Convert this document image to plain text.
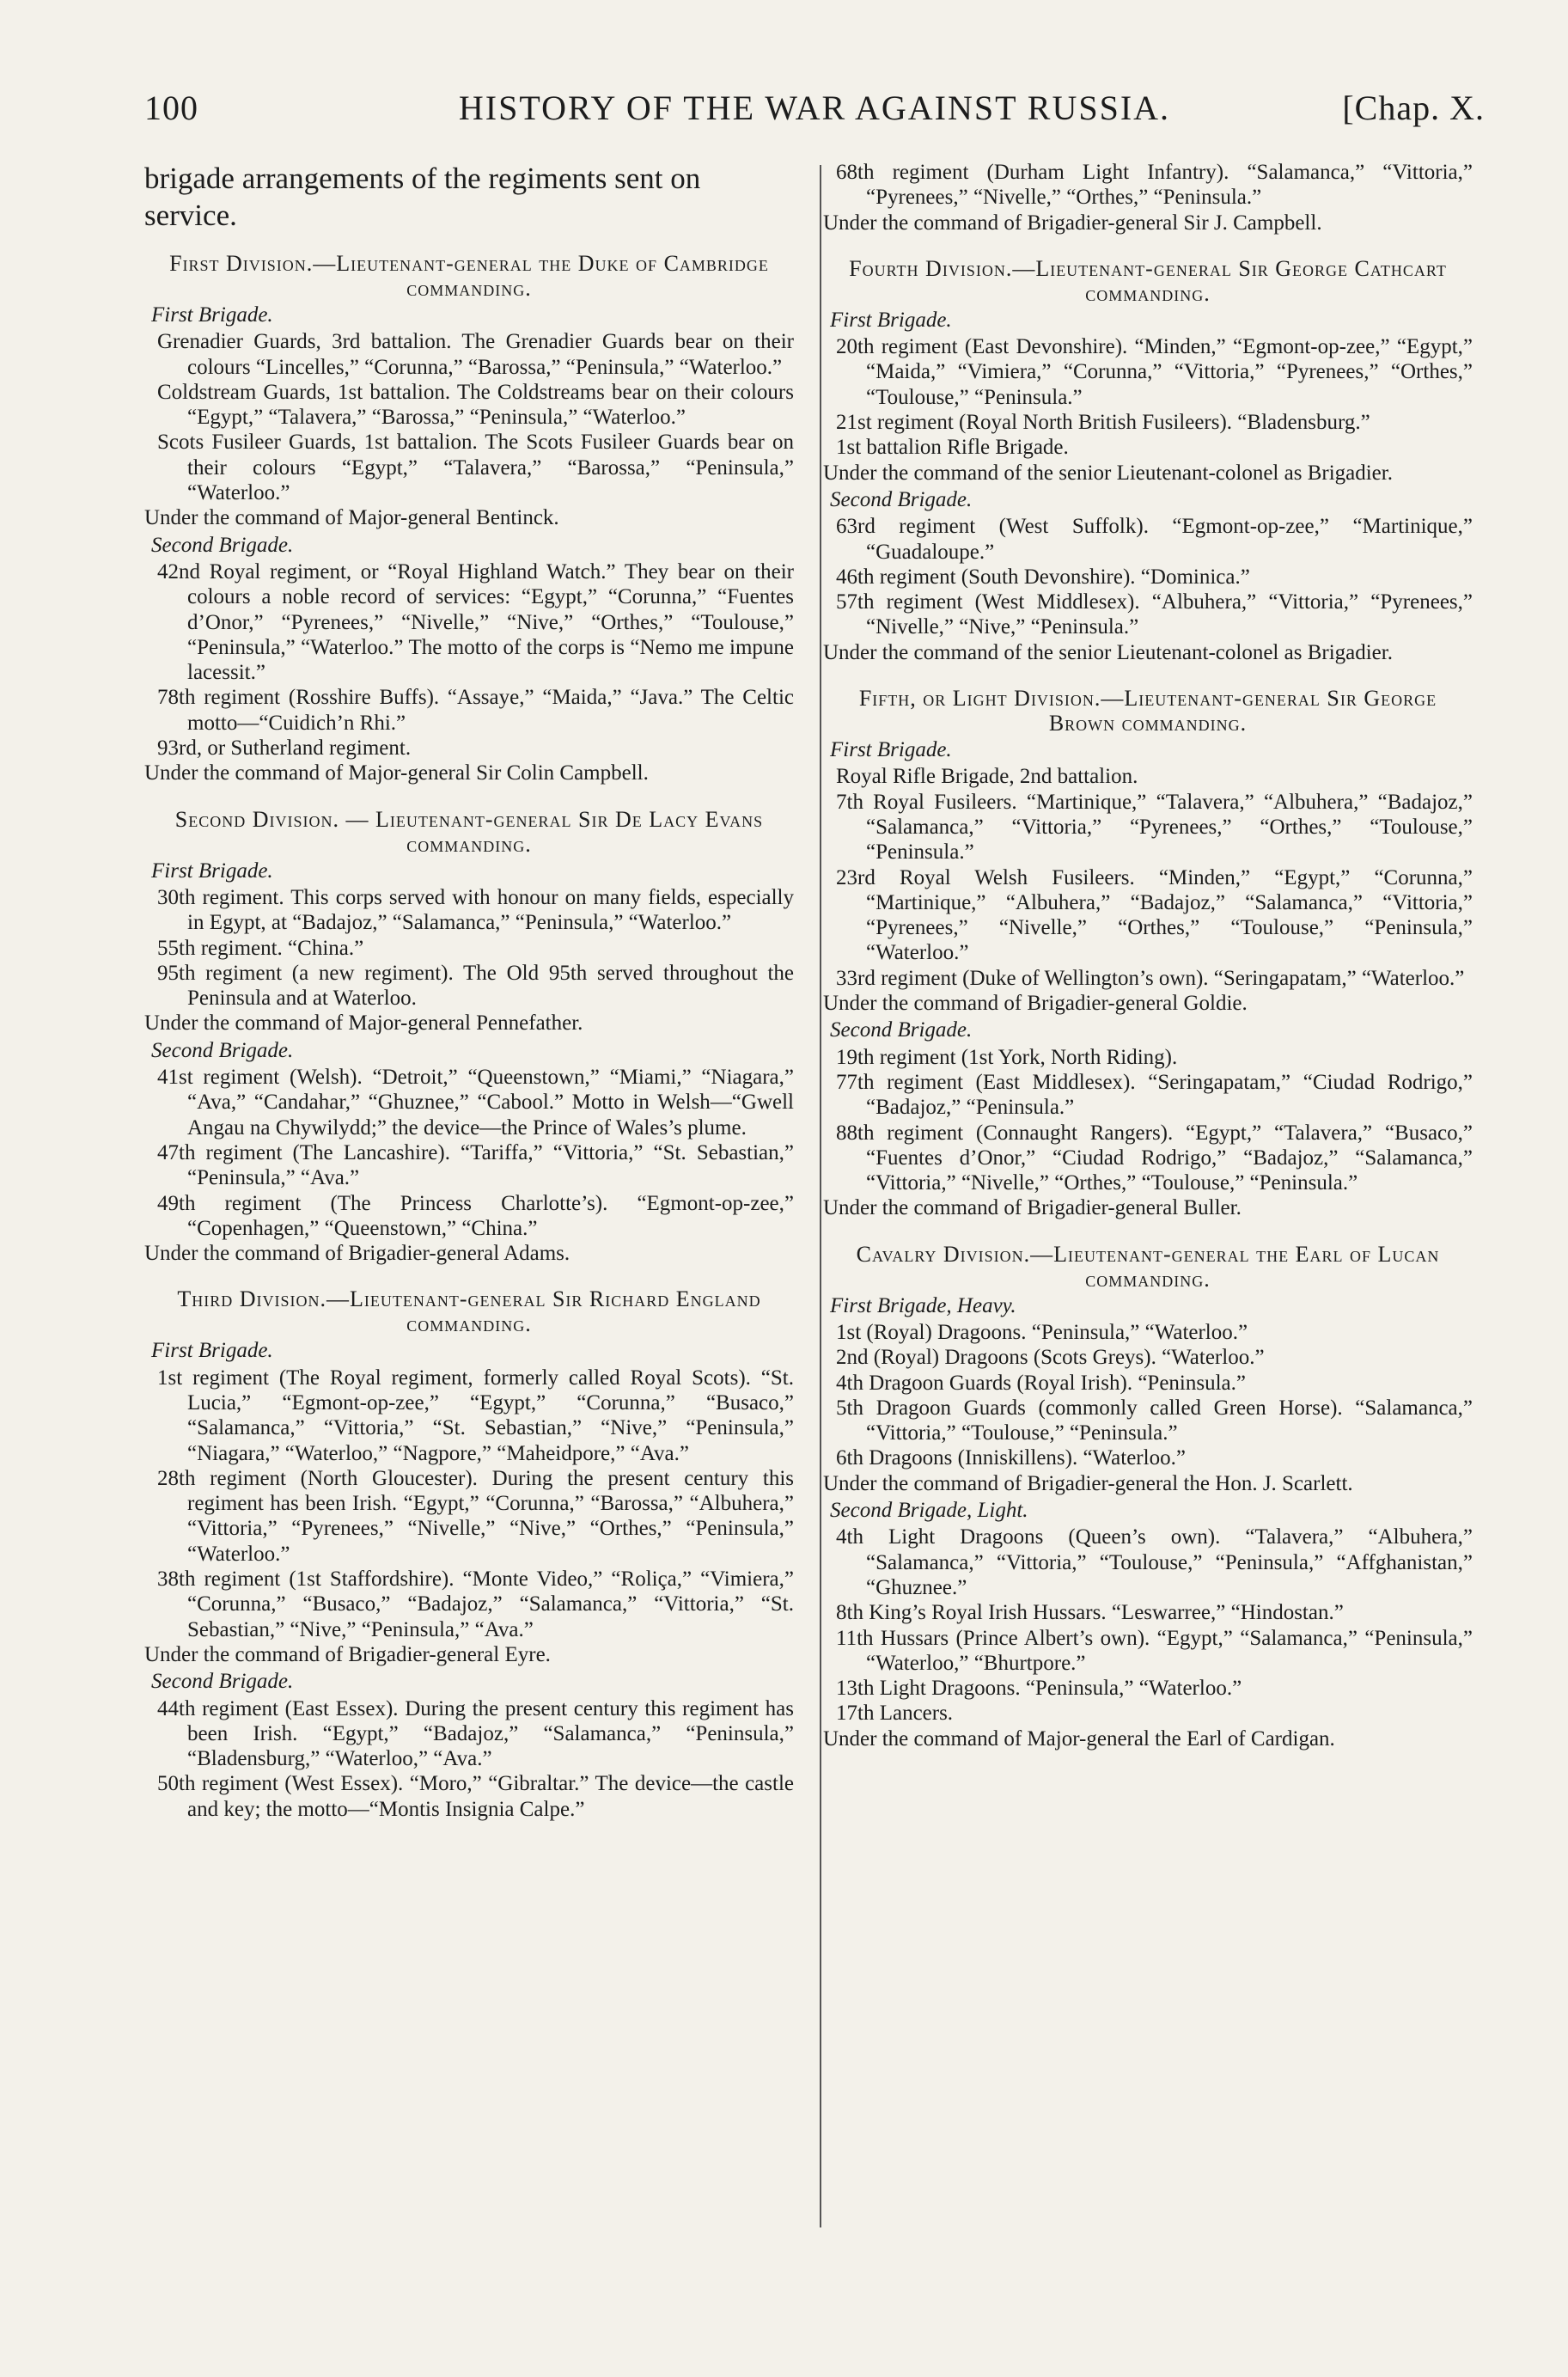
100	HISTORY OF THE WAR AGAINST RUSSIA.	[Chap. X.
brigade arrangements of the regiments sent on service.
First Division.—Lieutenant-general the Duke of Cambridge commanding.
First Brigade.
Grenadier Guards, 3rd battalion. The Grenadier Guards bear on their colours “Lincelles,” “Corunna,” “Barossa,” “Peninsula,” “Waterloo.”
Coldstream Guards, 1st battalion. The Coldstreams bear on their colours “Egypt,” “Talavera,” “Barossa,” “Peninsula,” “Waterloo.”
Scots Fusileer Guards, 1st battalion. The Scots Fusileer Guards bear on their colours “Egypt,” “Talavera,” “Barossa,” “Peninsula,” “Waterloo.”
Under the command of Major-general Bentinck.
Second Brigade.
42nd Royal regiment, or “Royal Highland Watch.” They bear on their colours a noble record of services: “Egypt,” “Corunna,” “Fuentes d’Onor,” “Pyrenees,” “Nivelle,” “Nive,” “Orthes,” “Toulouse,” “Peninsula,” “Waterloo.” The motto of the corps is “Nemo me impune lacessit.”
78th regiment (Rosshire Buffs). “Assaye,” “Maida,” “Java.” The Celtic motto—“Cuidich’n Rhi.”
93rd, or Sutherland regiment.
Under the command of Major-general Sir Colin Campbell.
Second Division. — Lieutenant-general Sir De Lacy Evans commanding.
First Brigade.
30th regiment. This corps served with honour on many fields, especially in Egypt, at “Badajoz,” “Salamanca,” “Peninsula,” “Waterloo.”
55th regiment. “China.”
95th regiment (a new regiment). The Old 95th served throughout the Peninsula and at Waterloo.
Under the command of Major-general Pennefather.
Second Brigade.
41st regiment (Welsh). “Detroit,” “Queenstown,” “Miami,” “Niagara,” “Ava,” “Candahar,” “Ghuznee,” “Cabool.” Motto in Welsh—“Gwell Angau na Chywilydd;” the device—the Prince of Wales’s plume.
47th regiment (The Lancashire). “Tariffa,” “Vittoria,” “St. Sebastian,” “Peninsula,” “Ava.”
49th regiment (The Princess Charlotte’s). “Egmont-op-zee,” “Copenhagen,” “Queenstown,” “China.”
Under the command of Brigadier-general Adams.
Third Division.—Lieutenant-general Sir Richard England commanding.
First Brigade.
1st regiment (The Royal regiment, formerly called Royal Scots). “St. Lucia,” “Egmont-op-zee,” “Egypt,” “Corunna,” “Busaco,” “Salamanca,” “Vittoria,” “St. Sebastian,” “Nive,” “Peninsula,” “Niagara,” “Waterloo,” “Nagpore,” “Maheidpore,” “Ava.”
28th regiment (North Gloucester). During the present century this regiment has been Irish. “Egypt,” “Corunna,” “Barossa,” “Albuhera,” “Vittoria,” “Pyrenees,” “Nivelle,” “Nive,” “Orthes,” “Peninsula,” “Waterloo.”
38th regiment (1st Staffordshire). “Monte Video,” “Roliça,” “Vimiera,” “Corunna,” “Busaco,” “Badajoz,” “Salamanca,” “Vittoria,” “St. Sebastian,” “Nive,” “Peninsula,” “Ava.”
Under the command of Brigadier-general Eyre.
Second Brigade.
44th regiment (East Essex). During the present century this regiment has been Irish. “Egypt,” “Badajoz,” “Salamanca,” “Peninsula,” “Bladensburg,” “Waterloo,” “Ava.”
50th regiment (West Essex). “Moro,” “Gibraltar.” The device—the castle and key; the motto—“Montis Insignia Calpe.”
68th regiment (Durham Light Infantry). “Salamanca,” “Vittoria,” “Pyrenees,” “Nivelle,” “Orthes,” “Peninsula.”
Under the command of Brigadier-general Sir J. Campbell.
Fourth Division.—Lieutenant-general Sir George Cathcart commanding.
First Brigade.
20th regiment (East Devonshire). “Minden,” “Egmont-op-zee,” “Egypt,” “Maida,” “Vimiera,” “Corunna,” “Vittoria,” “Pyrenees,” “Orthes,” “Toulouse,” “Peninsula.”
21st regiment (Royal North British Fusileers). “Bladensburg.”
1st battalion Rifle Brigade.
Under the command of the senior Lieutenant-colonel as Brigadier.
Second Brigade.
63rd regiment (West Suffolk). “Egmont-op-zee,” “Martinique,” “Guadaloupe.”
46th regiment (South Devonshire). “Dominica.”
57th regiment (West Middlesex). “Albuhera,” “Vittoria,” “Pyrenees,” “Nivelle,” “Nive,” “Peninsula.”
Under the command of the senior Lieutenant-colonel as Brigadier.
Fifth, or Light Division.—Lieutenant-general Sir George Brown commanding.
First Brigade.
Royal Rifle Brigade, 2nd battalion.
7th Royal Fusileers. “Martinique,” “Talavera,” “Albuhera,” “Badajoz,” “Salamanca,” “Vittoria,” “Pyrenees,” “Orthes,” “Toulouse,” “Peninsula.”
23rd Royal Welsh Fusileers. “Minden,” “Egypt,” “Corunna,” “Martinique,” “Albuhera,” “Badajoz,” “Salamanca,” “Vittoria,” “Pyrenees,” “Nivelle,” “Orthes,” “Toulouse,” “Peninsula,” “Waterloo.”
33rd regiment (Duke of Wellington’s own). “Seringapatam,” “Waterloo.”
Under the command of Brigadier-general Goldie.
Second Brigade.
19th regiment (1st York, North Riding).
77th regiment (East Middlesex). “Seringapatam,” “Ciudad Rodrigo,” “Badajoz,” “Peninsula.”
88th regiment (Connaught Rangers). “Egypt,” “Talavera,” “Busaco,” “Fuentes d’Onor,” “Ciudad Rodrigo,” “Badajoz,” “Salamanca,” “Vittoria,” “Nivelle,” “Orthes,” “Toulouse,” “Peninsula.”
Under the command of Brigadier-general Buller.
Cavalry Division.—Lieutenant-general the Earl of Lucan commanding.
First Brigade, Heavy.
1st (Royal) Dragoons. “Peninsula,” “Waterloo.”
2nd (Royal) Dragoons (Scots Greys). “Waterloo.”
4th Dragoon Guards (Royal Irish). “Peninsula.”
5th Dragoon Guards (commonly called Green Horse). “Salamanca,” “Vittoria,” “Toulouse,” “Peninsula.”
6th Dragoons (Inniskillens). “Waterloo.”
Under the command of Brigadier-general the Hon. J. Scarlett.
Second Brigade, Light.
4th Light Dragoons (Queen’s own). “Talavera,” “Albuhera,” “Salamanca,” “Vittoria,” “Toulouse,” “Peninsula,” “Affghanistan,” “Ghuznee.”
8th King’s Royal Irish Hussars. “Leswarree,” “Hindostan.”
11th Hussars (Prince Albert’s own). “Egypt,” “Salamanca,” “Peninsula,” “Waterloo,” “Bhurtpore.”
13th Light Dragoons. “Peninsula,” “Waterloo.”
17th Lancers.
Under the command of Major-general the Earl of Cardigan.
